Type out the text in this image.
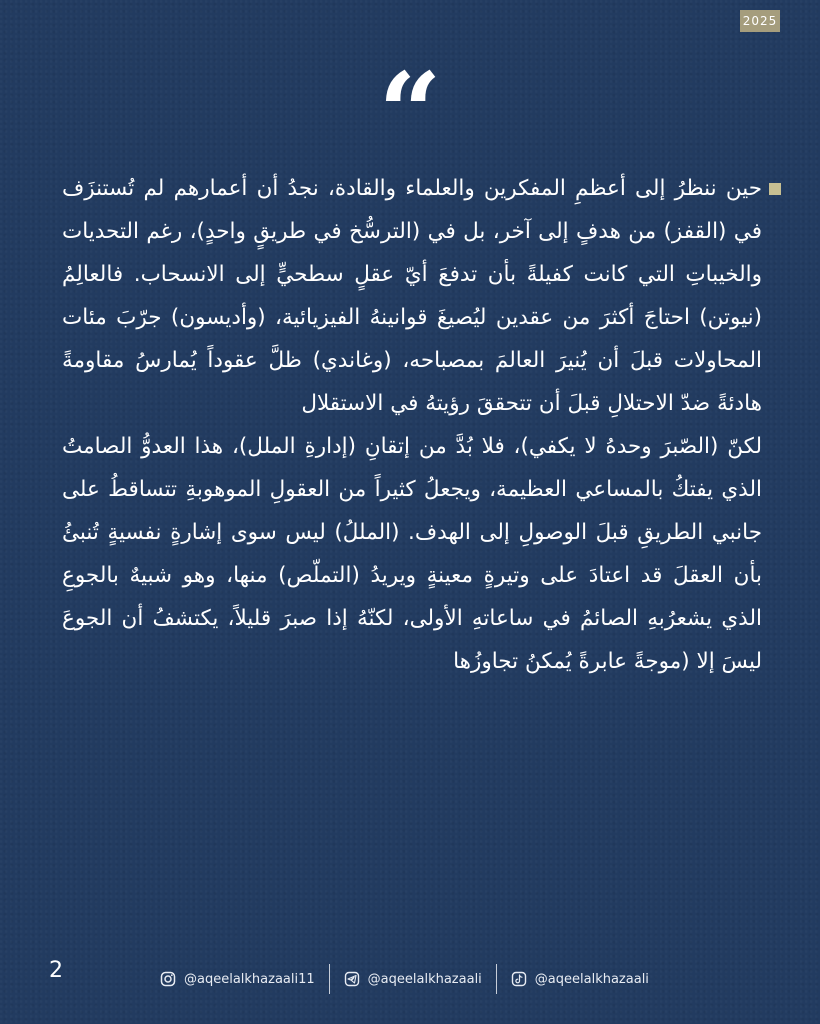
2025
“

حين ننظرُ إلى أعظمِ المفكرين والعلماء والقادة، نجدُ أن أعمارهم لم تُستنزَف في (القفز) من هدفٍ إلى آخر، بل في (الترسُّخ في طريقٍ واحدٍ)، رغم التحديات والخيباتِ التي كانت كفيلةً بأن تدفعَ أيّ عقلٍ سطحيٍّ إلى الانسحاب. فالعالِمُ (نيوتن) احتاجَ أكثرَ من عقدين ليُصيغَ قوانينهُ الفيزيائية، (وأديسون) جرّبَ مئات المحاولات قبلَ أن يُنيرَ العالمَ بمصباحه، (وغاندي) ظلَّ عقوداً يُمارسُ مقاومةً هادئةً ضدّ الاحتلالِ قبلَ أن تتحققَ رؤيتهُ في الاستقلال

لكنّ (الصّبرَ وحدهُ لا يكفي)، فلا بُدَّ من إتقانِ (إدارةِ الملل)، هذا العدوُّ الصامتُ الذي يفتكُ بالمساعي العظيمة، ويجعلُ كثيراً من العقولِ الموهوبةِ تتساقطُ على جانبي الطريقِ قبلَ الوصولِ إلى الهدف. (المللُ) ليس سوى إشارةٍ نفسيةٍ تُنبئُ بأن العقلَ قد اعتادَ على وتيرةٍ معينةٍ ويريدُ (التملّص) منها، وهو شبيهٌ بالجوعِ الذي يشعرُبهِ الصائمُ في ساعاتهِ الأولى، لكنّهُ إذا صبرَ قليلاً، يكتشفُ أن الجوعَ ليسَ إلا (موجةً عابرةً يُمكنُ تجاوزُها

2	@aqeelalkhazaali11	@aqeelalkhazaali	@aqeelalkhazaali
